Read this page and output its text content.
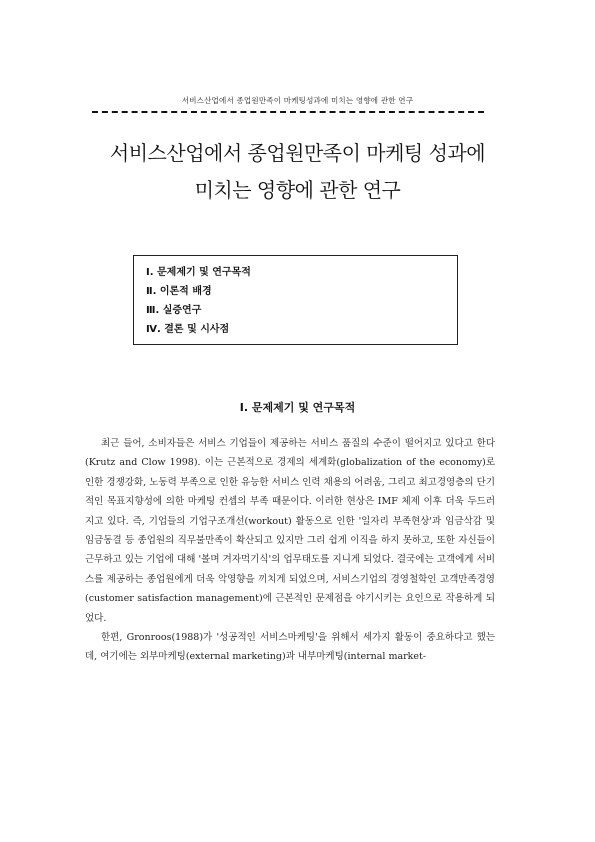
서비스산업에서 종업원만족이 마케팅성과에 미치는 영향에 관한 연구
서비스산업에서 종업원만족이 마케팅 성과에
미치는 영향에 관한 연구
Ⅰ. 문제제기 및 연구목적
Ⅱ. 이론적 배경
Ⅲ. 실증연구
Ⅳ. 결론 및 시사점
Ⅰ. 문제제기 및 연구목적

최근 들어, 소비자들은 서비스 기업들이 제공하는 서비스 품질의 수준이 떨어지고 있다고 한다(Krutz and Clow 1998). 이는 근본적으로 경제의 세계화(globalization of the economy)로 인한 경쟁강화, 노동력 부족으로 인한 유능한 서비스 인력 채용의 어려움, 그리고 최고경영층의 단기적인 목표지향성에 의한 마케팅 컨셉의 부족 때문이다. 이러한 현상은 IMF 체제 이후 더욱 두드러지고 있다. 즉, 기업들의 기업구조개선(workout) 활동으로 인한 '일자리 부족현상'과 임금삭감 및 임금동결 등 종업원의 직무불만족이 확산되고 있지만 그리 쉽게 이직을 하지 못하고, 또한 자신들이 근무하고 있는 기업에 대해 '볼며 겨자먹기식'의 업무태도를 지니게 되었다. 결국에는 고객에게 서비스를 제공하는 종업원에게 더욱 악영향을 끼치게 되었으며, 서비스기업의 경영철학인 고객만족경영(customer satisfaction management)에 근본적인 문제점을 야기시키는 요인으로 작용하게 되었다.

한편, Gronroos(1988)가 '성공적인 서비스마케팅'을 위해서 세가지 활동이 중요하다고 했는데, 여기에는 외부마케팅(external marketing)과 내부마케팅(internal market-
